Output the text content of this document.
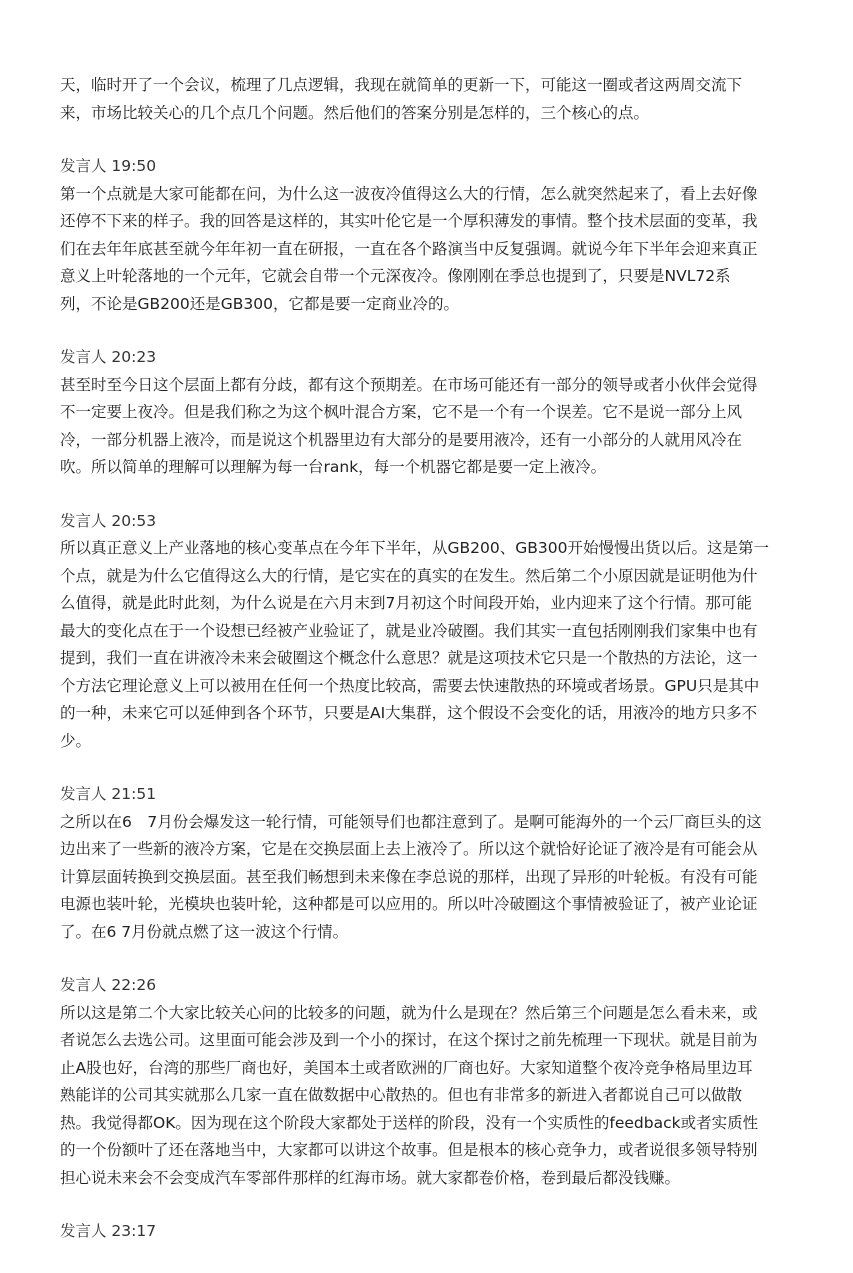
天，临时开了一个会议，梳理了几点逻辑，我现在就简单的更新一下，可能这一圈或者这两周交流下

来，市场比较关心的几个点几个问题。然后他们的答案分别是怎样的，三个核心的点。

发言人 19:50

第一个点就是大家可能都在问，为什么这一波夜冷值得这么大的行情，怎么就突然起来了，看上去好像

还停不下来的样子。我的回答是这样的，其实叶伦它是一个厚积薄发的事情。整个技术层面的变革，我

们在去年年底甚至就今年年初一直在研报，一直在各个路演当中反复强调。就说今年下半年会迎来真正

意义上叶轮落地的一个元年，它就会自带一个元深夜冷。像刚刚在季总也提到了，只要是NVL72系

列，不论是GB200还是GB300，它都是要一定商业冷的。

发言人 20:23

甚至时至今日这个层面上都有分歧，都有这个预期差。在市场可能还有一部分的领导或者小伙伴会觉得

不一定要上夜冷。但是我们称之为这个枫叶混合方案，它不是一个有一个误差。它不是说一部分上风

冷，一部分机器上液冷，而是说这个机器里边有大部分的是要用液冷，还有一小部分的人就用风冷在

吹。所以简单的理解可以理解为每一台rank，每一个机器它都是要一定上液冷。

发言人 20:53

所以真正意义上产业落地的核心变革点在今年下半年，从GB200、GB300开始慢慢出货以后。这是第一

个点，就是为什么它值得这么大的行情，是它实在的真实的在发生。然后第二个小原因就是证明他为什

么值得，就是此时此刻，为什么说是在六月末到7月初这个时间段开始，业内迎来了这个行情。那可能

最大的变化点在于一个设想已经被产业验证了，就是业冷破圈。我们其实一直包括刚刚我们家集中也有

提到，我们一直在讲液冷未来会破圈这个概念什么意思？就是这项技术它只是一个散热的方法论，这一

个方法它理论意义上可以被用在任何一个热度比较高，需要去快速散热的环境或者场景。GPU只是其中

的一种，未来它可以延伸到各个环节，只要是AI大集群，这个假设不会变化的话，用液冷的地方只多不

少。

发言人 21:51

之所以在6　7月份会爆发这一轮行情，可能领导们也都注意到了。是啊可能海外的一个云厂商巨头的这

边出来了一些新的液冷方案，它是在交换层面上去上液冷了。所以这个就恰好论证了液冷是有可能会从

计算层面转换到交换层面。甚至我们畅想到未来像在李总说的那样，出现了异形的叶轮板。有没有可能

电源也装叶轮，光模块也装叶轮，这种都是可以应用的。所以叶冷破圈这个事情被验证了，被产业论证

了。在6 7月份就点燃了这一波这个行情。

发言人 22:26

所以这是第二个大家比较关心问的比较多的问题，就为什么是现在？然后第三个问题是怎么看未来，或

者说怎么去选公司。这里面可能会涉及到一个小的探讨，在这个探讨之前先梳理一下现状。就是目前为

止A股也好，台湾的那些厂商也好，美国本土或者欧洲的厂商也好。大家知道整个夜冷竞争格局里边耳

熟能详的公司其实就那么几家一直在做数据中心散热的。但也有非常多的新进入者都说自己可以做散

热。我觉得都OK。因为现在这个阶段大家都处于送样的阶段，没有一个实质性的feedback或者实质性

的一个份额叶了还在落地当中，大家都可以讲这个故事。但是根本的核心竞争力，或者说很多领导特别

担心说未来会不会变成汽车零部件那样的红海市场。就大家都卷价格，卷到最后都没钱赚。

发言人 23:17
